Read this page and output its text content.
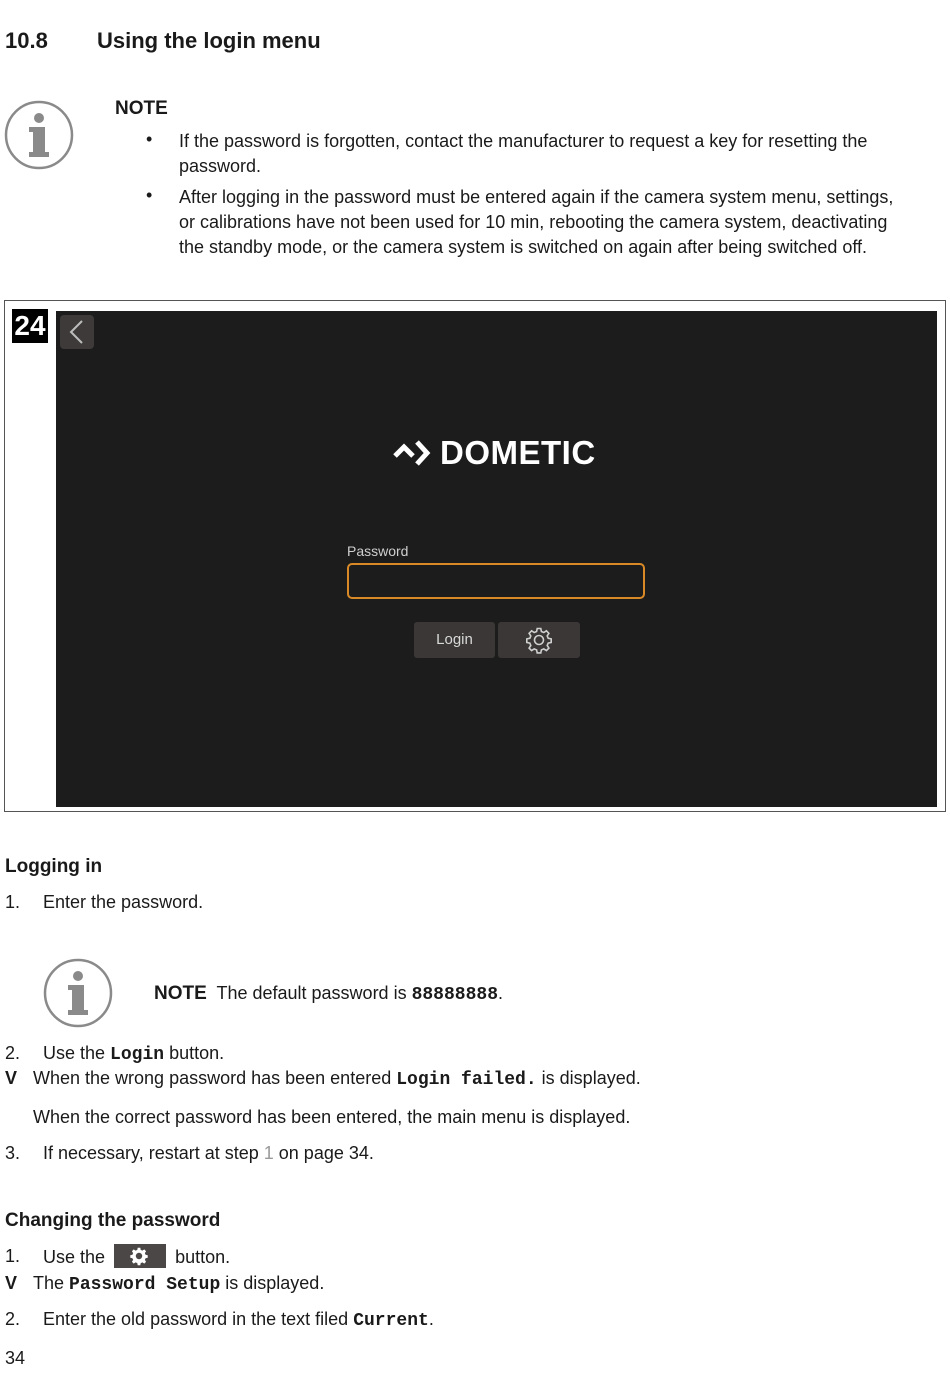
10.8 Using the login menu
NOTE
• If the password is forgotten, contact the manufacturer to request a key for resetting the
password.
• After logging in the password must be entered again if the camera system menu, settings,
or calibrations have not been used for 10 min, rebooting the camera system, deactivating
the standby mode, or the camera system is switched on again after being switched off.
24
DOMETIC
Password
Login
Logging in
1. Enter the password.
NOTE The default password is 88888888.
2. Use the Login button.
V When the wrong password has been entered Login failed. is displayed.
When the correct password has been entered, the main menu is displayed.
3. If necessary, restart at step 1 on page 34.
Changing the password
1. Use the	button.
V The Password Setup is displayed.
2. Enter the old password in the text filed Current.
34
